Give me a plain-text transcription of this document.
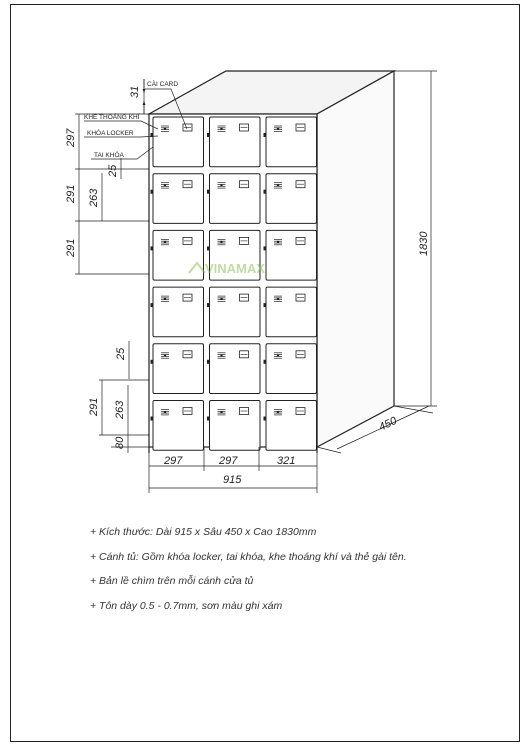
VINAMAX
CÀI CARD
KHE THOÁNG KHÍ
KHÓA LOCKER
TAI KHÓA
31
297
291 263
25
291
25
291 263
80
1830
450
297	297	321
915
+ Kích thước: Dài 915 x Sâu 450 x Cao 1830mm
+ Cánh tủ: Gồm khóa locker, tai khóa, khe thoáng khí và thẻ gài tên.
+ Bản lề chìm trên mỗi cánh cửa tủ
+ Tôn dày 0.5 - 0.7mm, sơn màu ghi xám
